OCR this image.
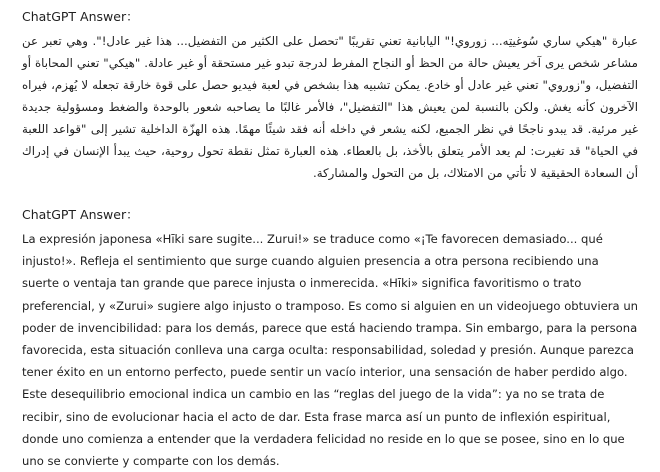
ChatGPT Answer：

عبارة "هيكي ساري سُوغيتِه... زوروي!" اليابانية تعني تقريبًا "تحصل على الكثير من التفضيل... هذا غير عادل!". وهي تعبر عن مشاعر شخص يرى آخر يعيش حالة من الحظ أو النجاح المفرط لدرجة تبدو غير مستحقة أو غير عادلة. "هيكي" تعني المحاباة أو التفضيل، و"زوروي" تعني غير عادل أو خادع. يمكن تشبيه هذا بشخص في لعبة فيديو حصل على قوة خارقة تجعله لا يُهزم، فيراه الآخرون كأنه يغش. ولكن بالنسبة لمن يعيش هذا "التفضيل"، فالأمر غالبًا ما يصاحبه شعور بالوحدة والضغط ومسؤولية جديدة غير مرئية. قد يبدو ناجحًا في نظر الجميع، لكنه يشعر في داخله أنه فقد شيئًا مهمًا. هذه الهزّة الداخلية تشير إلى "قواعد اللعبة في الحياة" قد تغيرت: لم يعد الأمر يتعلق بالأخذ، بل بالعطاء. هذه العبارة تمثل نقطة تحول روحية، حيث يبدأ الإنسان في إدراك أن السعادة الحقيقية لا تأتي من الامتلاك، بل من التحول والمشاركة.

ChatGPT Answer：

La expresión japonesa «Hīki sare sugite... Zurui!» se traduce como «¡Te favorecen demasiado... qué injusto!». Refleja el sentimiento que surge cuando alguien presencia a otra persona recibiendo una suerte o ventaja tan grande que parece injusta o inmerecida. «Hīki» significa favoritismo o trato preferencial, y «Zurui» sugiere algo injusto o tramposo. Es como si alguien en un videojuego obtuviera un poder de invencibilidad: para los demás, parece que está haciendo trampa. Sin embargo, para la persona favorecida, esta situación conlleva una carga oculta: responsabilidad, soledad y presión. Aunque parezca tener éxito en un entorno perfecto, puede sentir un vacío interior, una sensación de haber perdido algo. Este desequilibrio emocional indica un cambio en las “reglas del juego de la vida”: ya no se trata de recibir, sino de evolucionar hacia el acto de dar. Esta frase marca así un punto de inflexión espiritual, donde uno comienza a entender que la verdadera felicidad no reside en lo que se posee, sino en lo que uno se convierte y comparte con los demás.
